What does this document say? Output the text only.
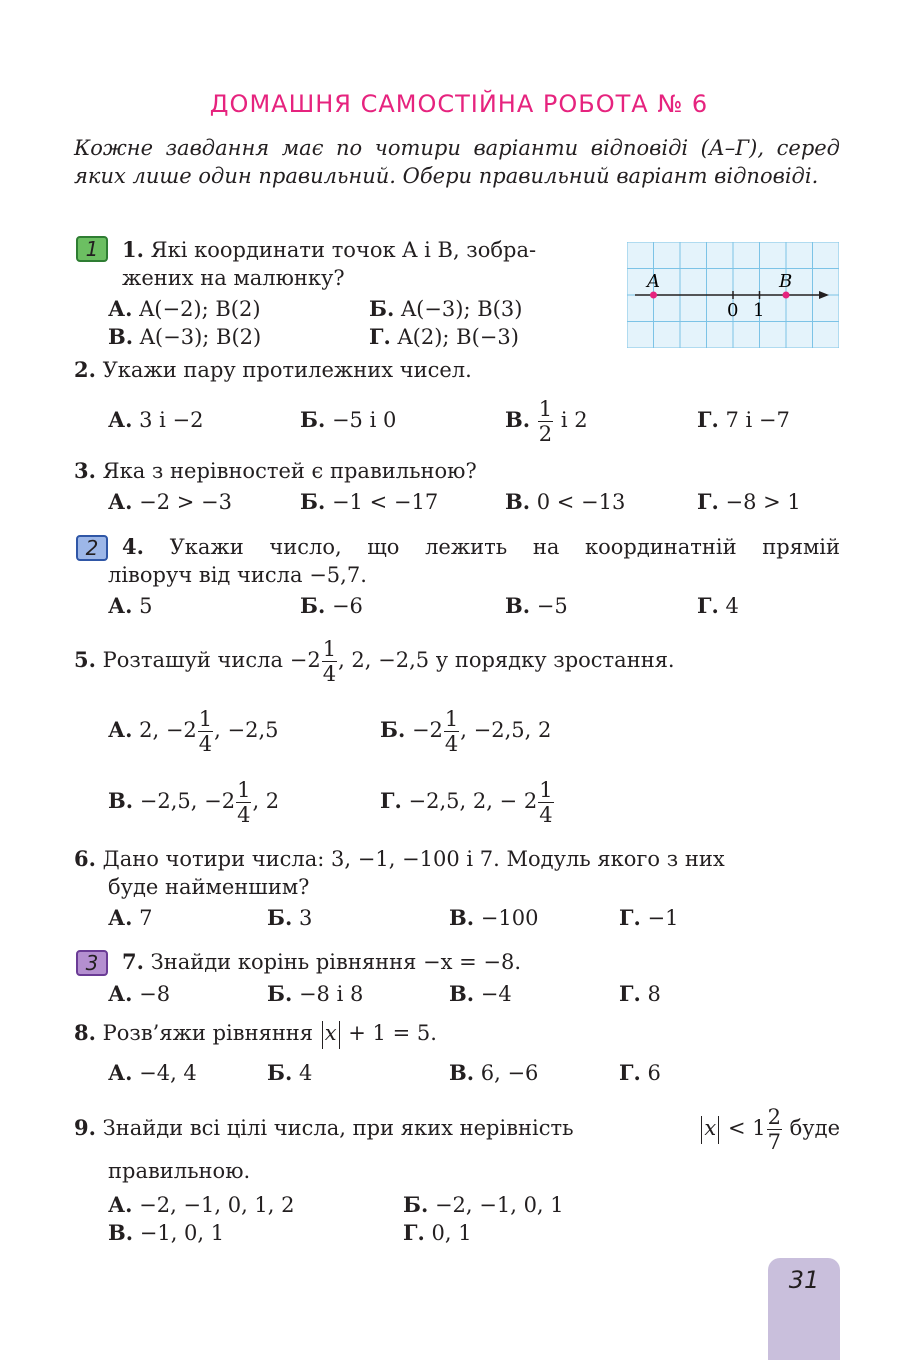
ДОМАШНЯ САМОСТІЙНА РОБОТА № 6
Кожне завдання має по чотири варіанти відповіді (А–Г), серед яких лише один правильний. Обери правильний варіант відповіді.
1	1. Які координати точок A і B, зобра-
жених на малюнку?
А. A(−2); B(2)	Б. A(−3); B(3)
В. A(−3); B(2)	Г. A(2); B(−3)
A	B
0 1
2. Укажи пару протилежних чисел.
А. 3 і −2	Б. −5 і 0	В. $\frac{1}{2}$ і 2	Г. 7 і −7
3. Яка з нерівностей є правильною?
А. −2 > −3	Б. −1 < −17	В. 0 < −13	Г. −8 > 1
2	4. Укажи число, що лежить на координатній прямій
ліворуч від числа −5,7.
А. 5	Б. −6	В. −5	Г. 4
5. Розташуй числа $-2 \frac{1}{4}$ , 2, −2,5 у порядку зростання.
А. 2, $-2 \frac{1}{4}$ , −2,5	Б. $-2 \frac{1}{4}$ , −2,5, 2
В. −2,5, $-2 \frac{1}{4}$ , 2	Г. −2,5, 2, − $2 \frac{1}{4}$
6. Дано чотири числа: 3, −1, −100 і 7. Модуль якого з них
буде найменшим?
А. 7	Б. 3	В. −100	Г. −1
3	7. Знайди корінь рівняння −x = −8.
А. −8	Б. −8 і 8	В. −4	Г. 8
8. Розв’яжи рівняння x + 1 = 5.
А. −4, 4	Б. 4	В. 6, −6	Г. 6
9. Знайди всі цілі числа, при яких нерівність	$x < 1 \frac{2}{7}$ буде
правильною.
А. −2, −1, 0, 1, 2	Б. −2, −1, 0, 1
В. −1, 0, 1	Г. 0, 1
31
